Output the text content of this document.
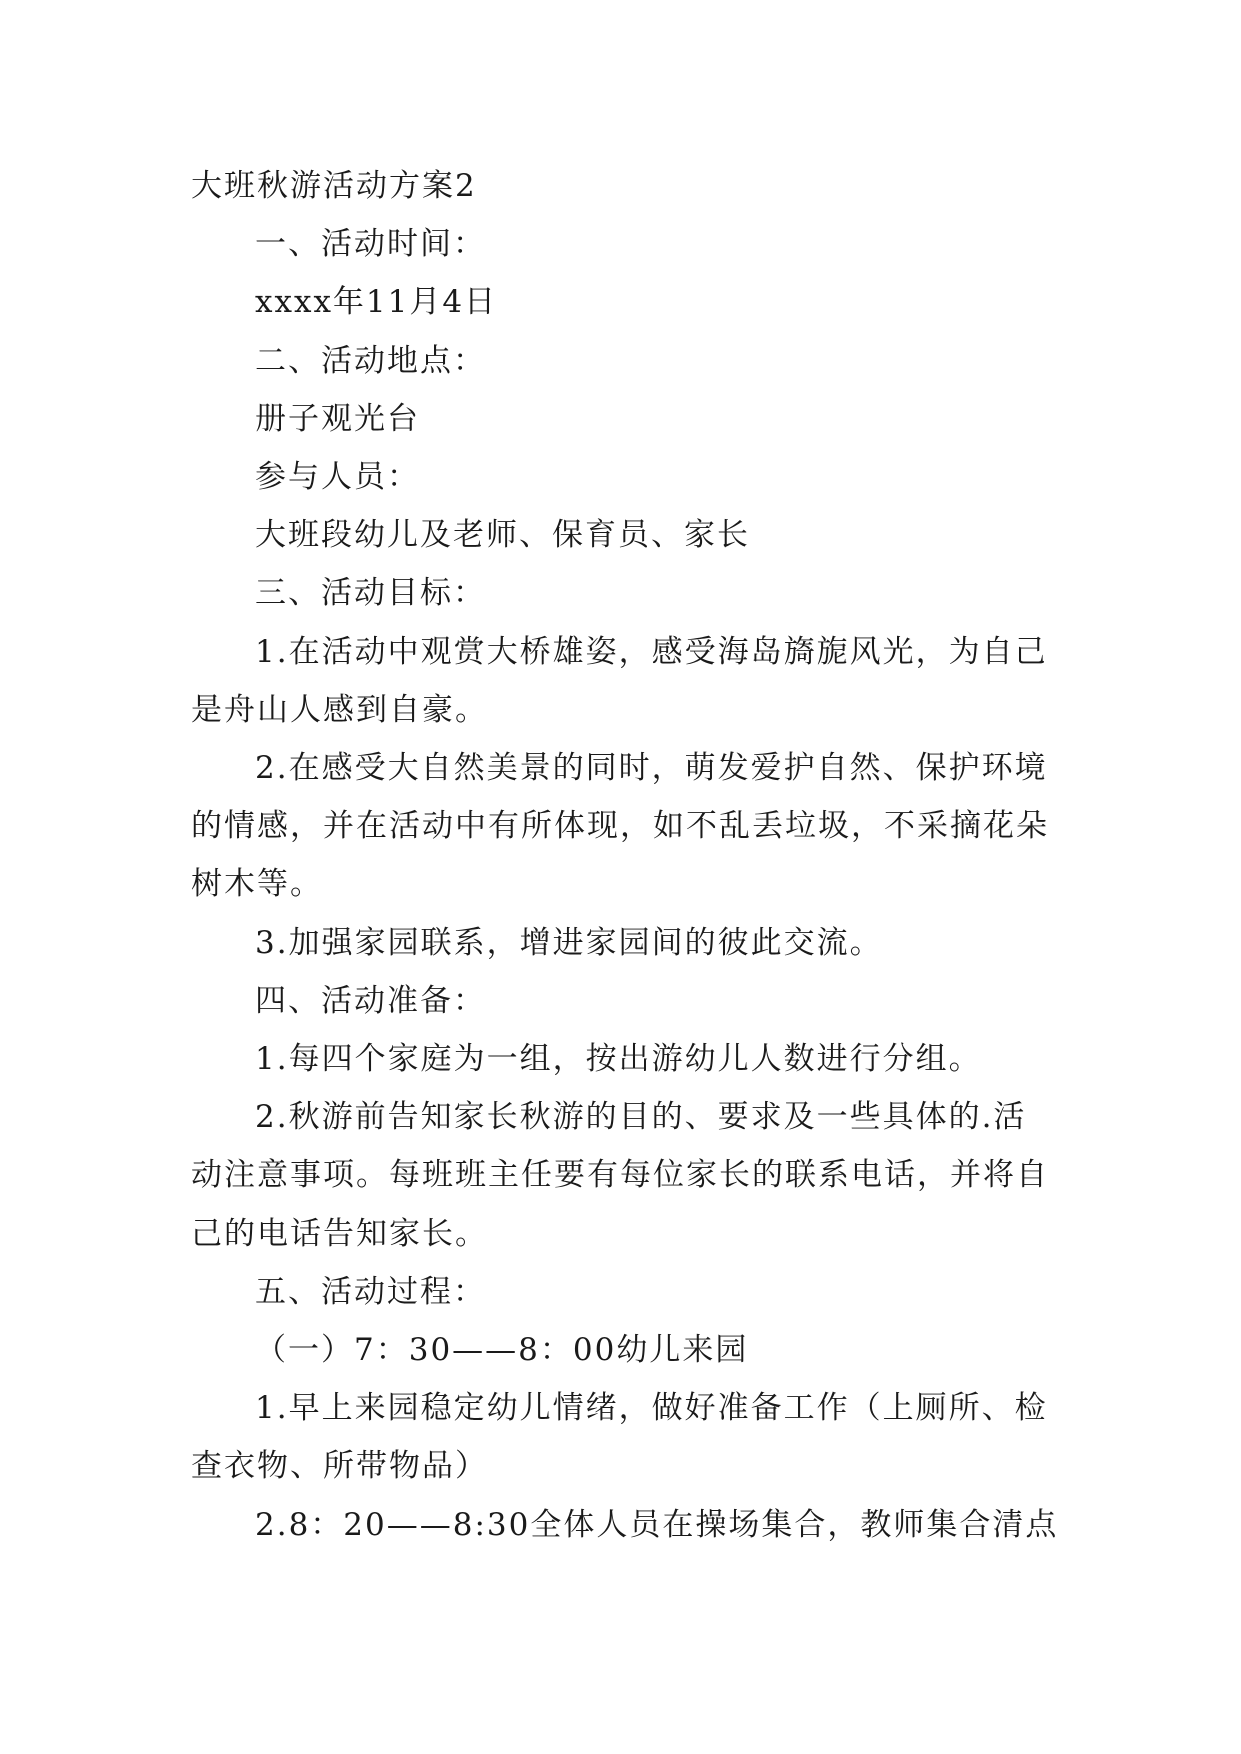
大班秋游活动方案2

一、活动时间：

xxxx年11月4日

二、活动地点：

册子观光台

参与人员：

大班段幼儿及老师、保育员、家长

三、活动目标：

1.在活动中观赏大桥雄姿，感受海岛旖旎风光，为自己是舟山人感到自豪。

2.在感受大自然美景的同时，萌发爱护自然、保护环境的情感，并在活动中有所体现，如不乱丢垃圾，不采摘花朵树木等。

3.加强家园联系，增进家园间的彼此交流。

四、活动准备：

1.每四个家庭为一组，按出游幼儿人数进行分组。

2.秋游前告知家长秋游的目的、要求及一些具体的.活动注意事项。每班班主任要有每位家长的联系电话，并将自己的电话告知家长。

五、活动过程：

（一）7：30——8：00幼儿来园

1.早上来园稳定幼儿情绪，做好准备工作（上厕所、检查衣物、所带物品）

2.8：20——8:30全体人员在操场集合，教师集合清点
